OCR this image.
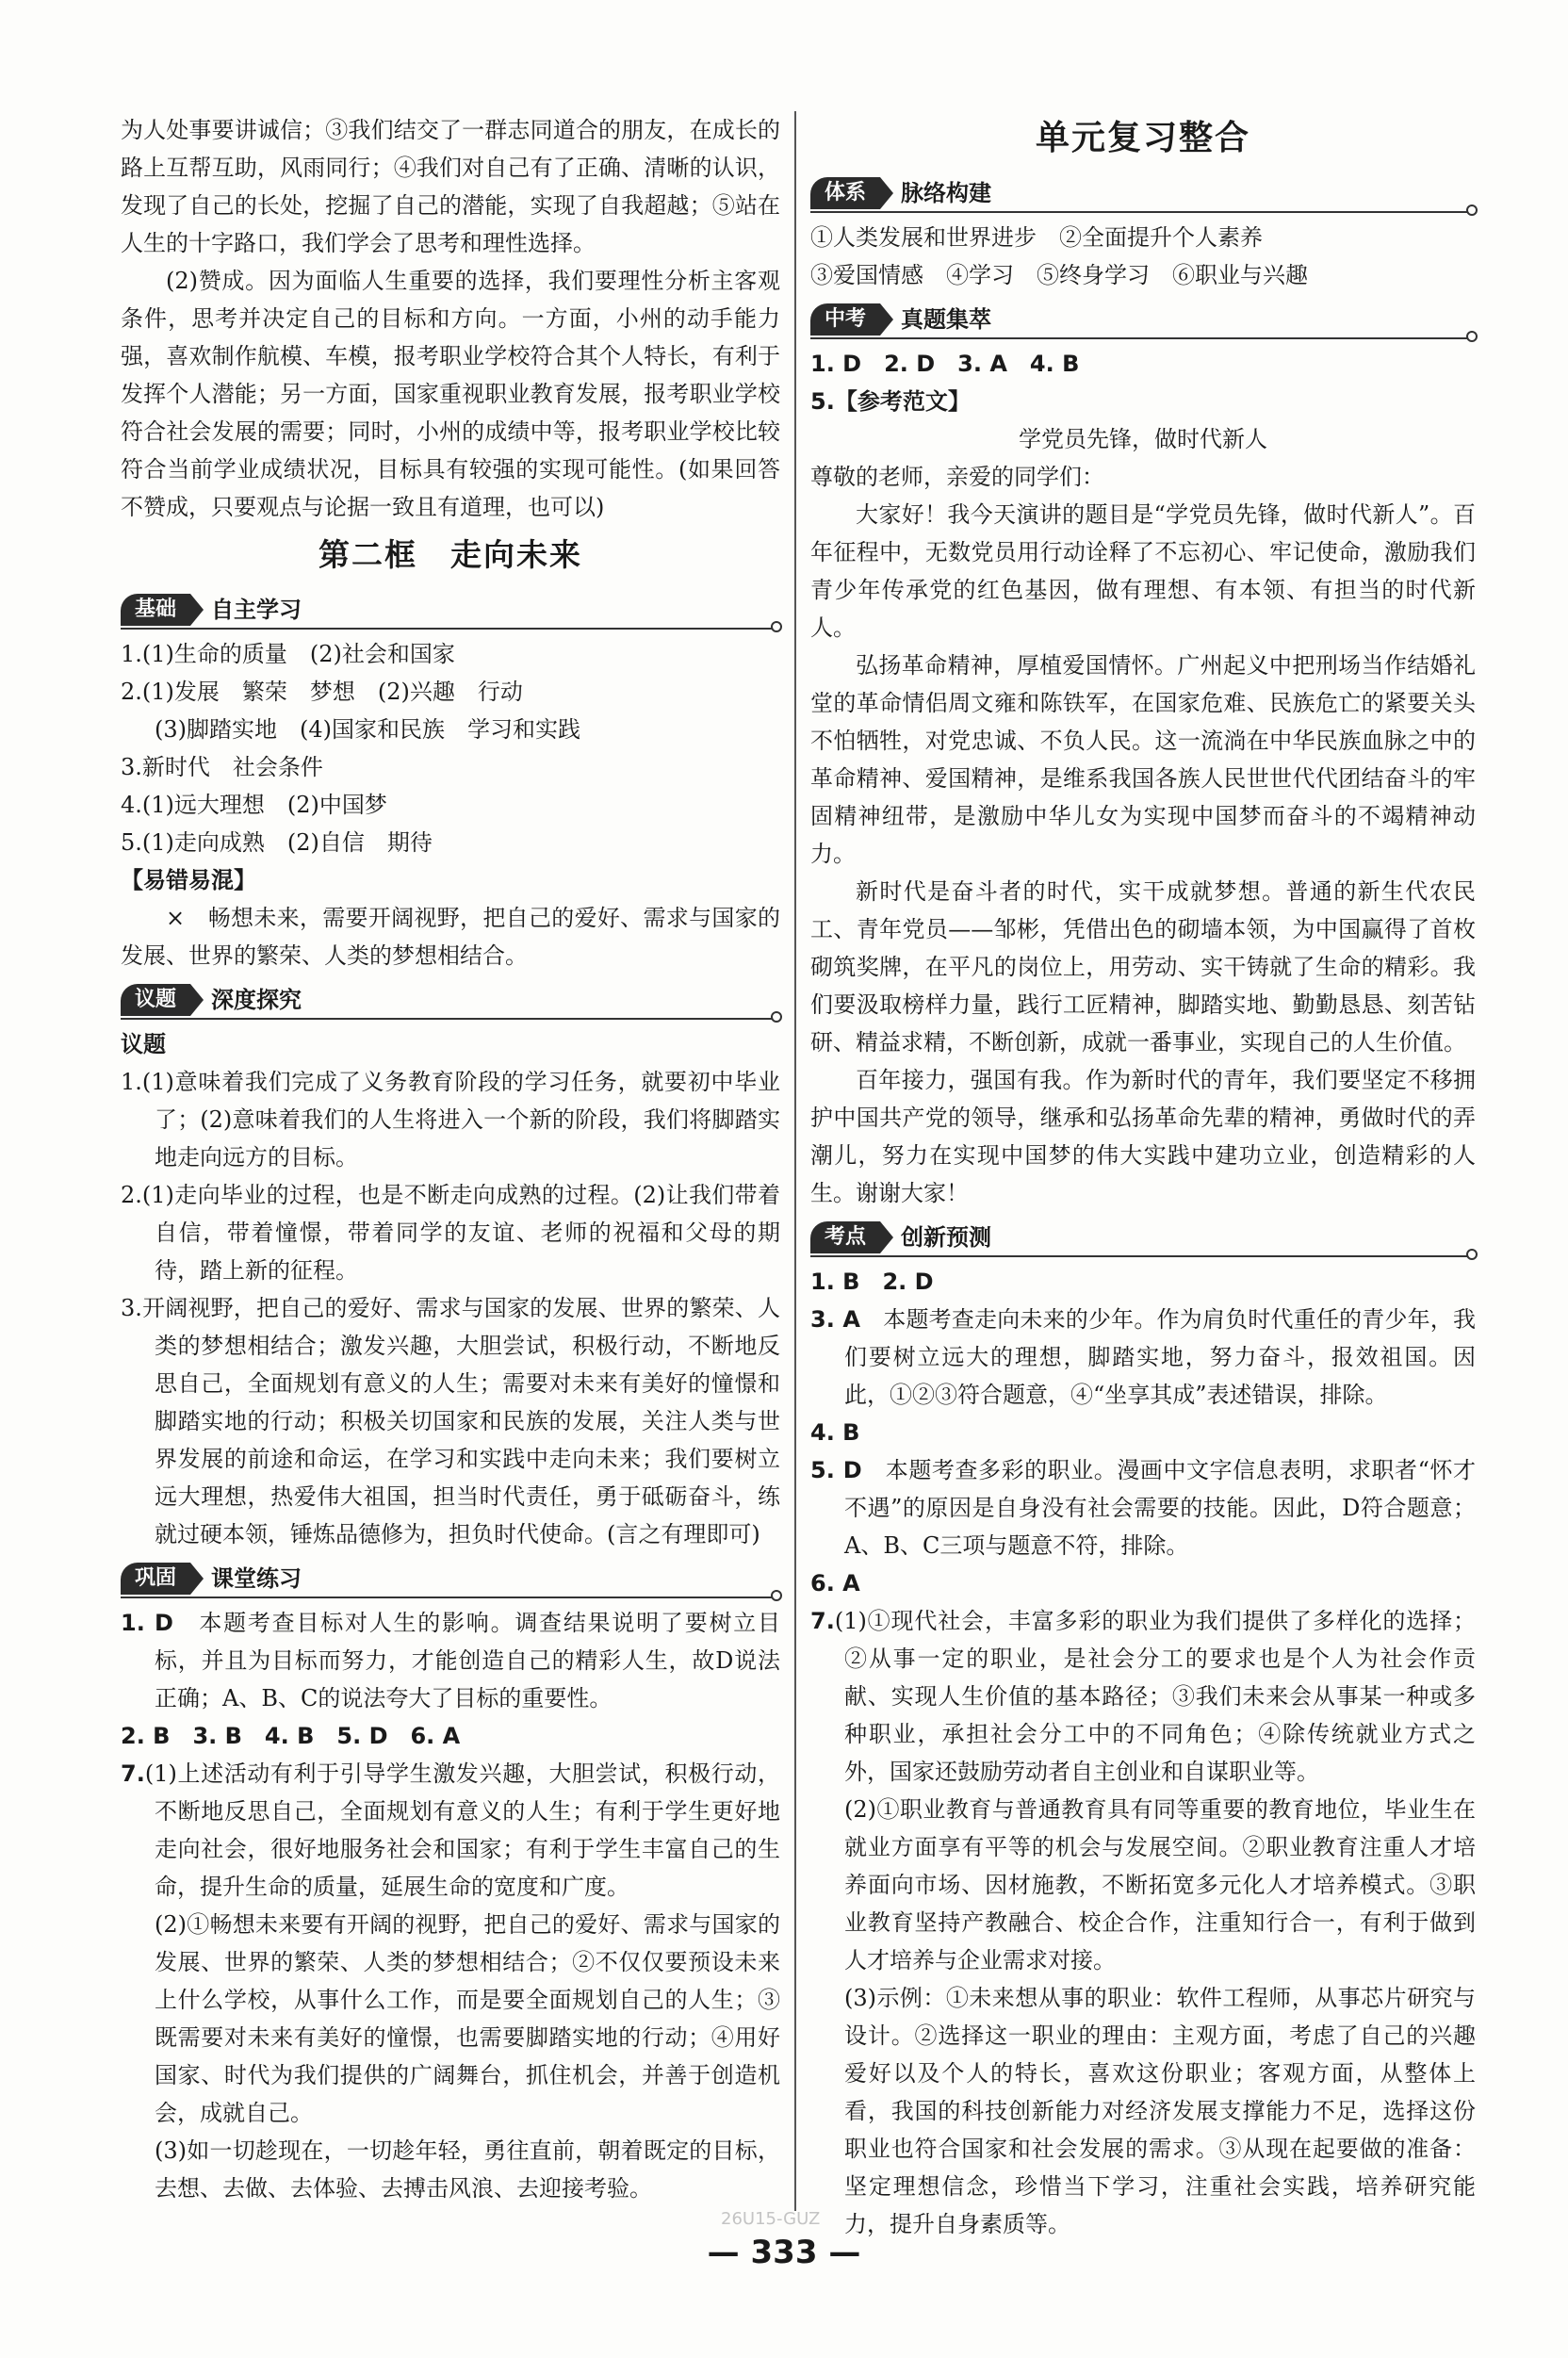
为人处事要讲诚信；③我们结交了一群志同道合的朋友，在成长的路上互帮互助，风雨同行；④我们对自己有了正确、清晰的认识，发现了自己的长处，挖掘了自己的潜能，实现了自我超越；⑤站在人生的十字路口，我们学会了思考和理性选择。

(2)赞成。因为面临人生重要的选择，我们要理性分析主客观条件，思考并决定自己的目标和方向。一方面，小州的动手能力强，喜欢制作航模、车模，报考职业学校符合其个人特长，有利于发挥个人潜能；另一方面，国家重视职业教育发展，报考职业学校符合社会发展的需要；同时，小州的成绩中等，报考职业学校比较符合当前学业成绩状况，目标具有较强的实现可能性。(如果回答不赞成，只要观点与论据一致且有道理，也可以)

第二框　走向未来

基础	自主学习

1.(1)生命的质量　(2)社会和国家

2.(1)发展　繁荣　梦想　(2)兴趣　行动

(3)脚踏实地　(4)国家和民族　学习和实践

3.新时代　社会条件

4.(1)远大理想　(2)中国梦

5.(1)走向成熟　(2)自信　期待

【易错易混】

×　畅想未来，需要开阔视野，把自己的爱好、需求与国家的发展、世界的繁荣、人类的梦想相结合。

议题	深度探究

议题

1.(1)意味着我们完成了义务教育阶段的学习任务，就要初中毕业了；(2)意味着我们的人生将进入一个新的阶段，我们将脚踏实地走向远方的目标。

2.(1)走向毕业的过程，也是不断走向成熟的过程。(2)让我们带着自信，带着憧憬，带着同学的友谊、老师的祝福和父母的期待，踏上新的征程。

3.开阔视野，把自己的爱好、需求与国家的发展、世界的繁荣、人类的梦想相结合；激发兴趣，大胆尝试，积极行动，不断地反思自己，全面规划有意义的人生；需要对未来有美好的憧憬和脚踏实地的行动；积极关切国家和民族的发展，关注人类与世界发展的前途和命运，在学习和实践中走向未来；我们要树立远大理想，热爱伟大祖国，担当时代责任，勇于砥砺奋斗，练就过硬本领，锤炼品德修为，担负时代使命。(言之有理即可)

巩固	课堂练习

1. D　 本题考查目标对人生的影响。调查结果说明了要树立目标，并且为目标而努力，才能创造自己的精彩人生，故D说法正确；A、B、C的说法夸大了目标的重要性。

2. B　3. B　4. B　5. D　6. A

7.(1)上述活动有利于引导学生激发兴趣，大胆尝试，积极行动，不断地反思自己，全面规划有意义的人生；有利于学生更好地走向社会，很好地服务社会和国家；有利于学生丰富自己的生命，提升生命的质量，延展生命的宽度和广度。

(2)①畅想未来要有开阔的视野，把自己的爱好、需求与国家的发展、世界的繁荣、人类的梦想相结合；②不仅仅要预设未来上什么学校，从事什么工作，而是要全面规划自己的人生；③既需要对未来有美好的憧憬，也需要脚踏实地的行动；④用好国家、时代为我们提供的广阔舞台，抓住机会，并善于创造机会，成就自己。

(3)如一切趁现在，一切趁年轻，勇往直前，朝着既定的目标，去想、去做、去体验、去搏击风浪、去迎接考验。

单元复习整合

体系	脉络构建

①人类发展和世界进步　②全面提升个人素养

③爱国情感　④学习　⑤终身学习　⑥职业与兴趣

中考	真题集萃

1. D　2. D　3. A　4. B

5.【参考范文】

学党员先锋，做时代新人

尊敬的老师，亲爱的同学们：

大家好！我今天演讲的题目是“学党员先锋，做时代新人”。百年征程中，无数党员用行动诠释了不忘初心、牢记使命，激励我们青少年传承党的红色基因，做有理想、有本领、有担当的时代新人。

弘扬革命精神，厚植爱国情怀。广州起义中把刑场当作结婚礼堂的革命情侣周文雍和陈铁军，在国家危难、民族危亡的紧要关头不怕牺牲，对党忠诚、不负人民。这一流淌在中华民族血脉之中的革命精神、爱国精神，是维系我国各族人民世世代代团结奋斗的牢固精神纽带，是激励中华儿女为实现中国梦而奋斗的不竭精神动力。

新时代是奋斗者的时代，实干成就梦想。普通的新生代农民工、青年党员——邹彬，凭借出色的砌墙本领，为中国赢得了首枚砌筑奖牌，在平凡的岗位上，用劳动、实干铸就了生命的精彩。我们要汲取榜样力量，践行工匠精神，脚踏实地、勤勤恳恳、刻苦钻研、精益求精，不断创新，成就一番事业，实现自己的人生价值。

百年接力，强国有我。作为新时代的青年，我们要坚定不移拥护中国共产党的领导，继承和弘扬革命先辈的精神，勇做时代的弄潮儿，努力在实现中国梦的伟大实践中建功立业，创造精彩的人生。谢谢大家！

考点	创新预测

1. B　2. D

3. A　 本题考查走向未来的少年。作为肩负时代重任的青少年，我们要树立远大的理想，脚踏实地，努力奋斗，报效祖国。因此，①②③符合题意，④“坐享其成”表述错误，排除。

4. B

5. D　 本题考查多彩的职业。漫画中文字信息表明，求职者“怀才不遇”的原因是自身没有社会需要的技能。因此，D符合题意；A、B、C三项与题意不符，排除。

6. A

7.(1)①现代社会，丰富多彩的职业为我们提供了多样化的选择；②从事一定的职业，是社会分工的要求也是个人为社会作贡献、实现人生价值的基本路径；③我们未来会从事某一种或多种职业，承担社会分工中的不同角色；④除传统就业方式之外，国家还鼓励劳动者自主创业和自谋职业等。

(2)①职业教育与普通教育具有同等重要的教育地位，毕业生在就业方面享有平等的机会与发展空间。②职业教育注重人才培养面向市场、因材施教，不断拓宽多元化人才培养模式。③职业教育坚持产教融合、校企合作，注重知行合一，有利于做到人才培养与企业需求对接。

(3)示例：①未来想从事的职业：软件工程师，从事芯片研究与设计。②选择这一职业的理由：主观方面，考虑了自己的兴趣爱好以及个人的特长，喜欢这份职业；客观方面，从整体上看，我国的科技创新能力对经济发展支撑能力不足，选择这份职业也符合国家和社会发展的需求。③从现在起要做的准备：坚定理想信念，珍惜当下学习，注重社会实践，培养研究能力，提升自身素质等。

26U15-GUZ
— 333 —
